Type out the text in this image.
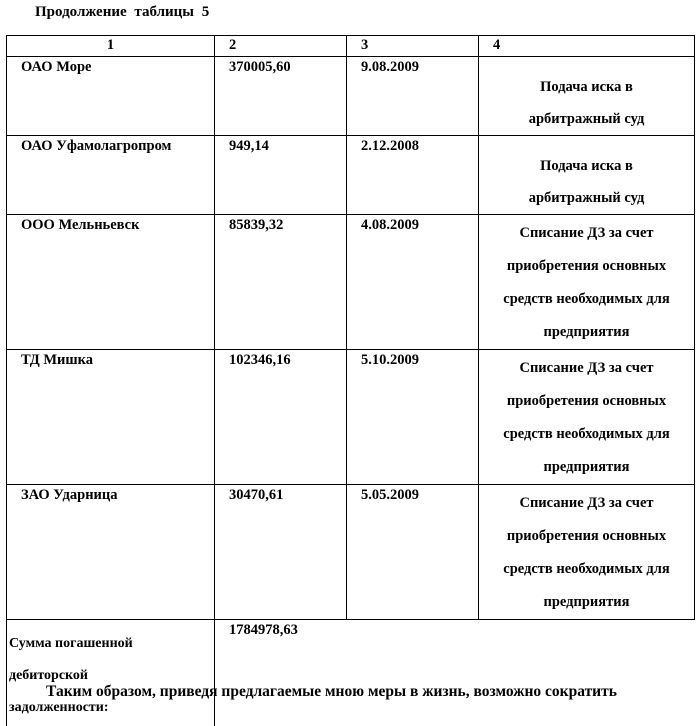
Продолжение таблицы 5
1	2	3	4
ОАО Море	370005,60	9.08.2009	Подача иска в
арбитражный суд

ОАО Уфамолагропром	949,14	2.12.2008	Подача иска в
арбитражный суд

ООО Мельньевск	85839,32	4.08.2009	Списание ДЗ за счет
приобретения основных
средств необходимых для
предприятия

ТД Мишка	102346,16	5.10.2009	Списание ДЗ за счет
приобретения основных
средств необходимых для
предприятия

ЗАО Ударница	30470,61	5.05.2009	Списание ДЗ за счет
приобретения основных
средств необходимых для
предприятия

Сумма погашенной
дебиторской
задолженности:	1784978,63		
Таким образом, приведя предлагаемые мною меры в жизнь, возможно сократить
